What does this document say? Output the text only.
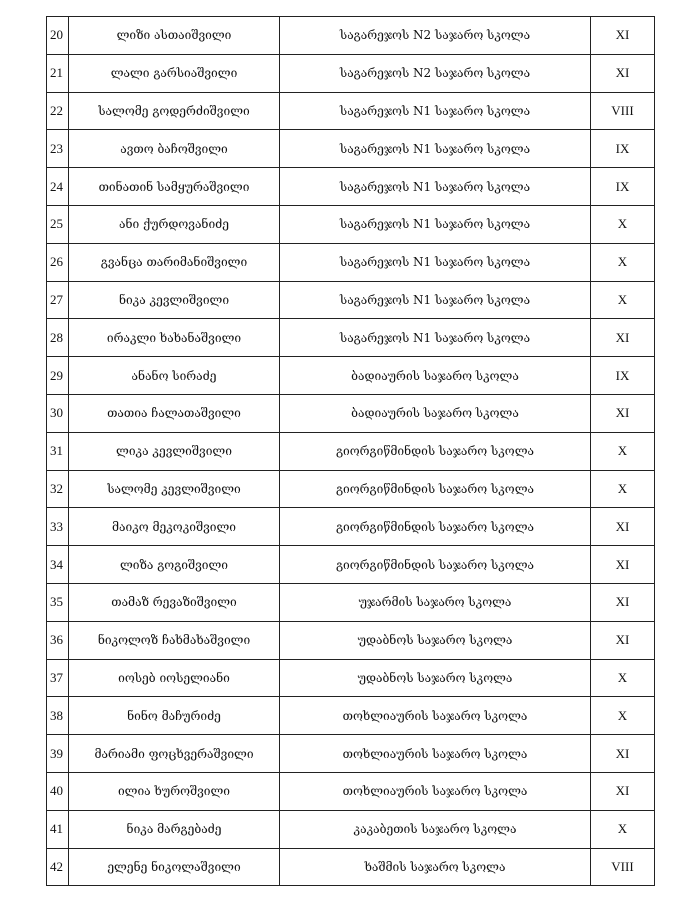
20	ლიზი ასთაიშვილი	საგარეჯოს N2 საჯარო სკოლა	XI
21	ლალი გარსიაშვილი	საგარეჯოს N2 საჯარო სკოლა	XI
22	სალომე გოდერძიშვილი	საგარეჯოს N1 საჯარო სკოლა	VIII
23	ავთო ბაჩოშვილი	საგარეჯოს N1 საჯარო სკოლა	IX
24	თინათინ სამყურაშვილი	საგარეჯოს N1 საჯარო სკოლა	IX
25	ანი ქურდოვანიძე	საგარეჯოს N1 საჯარო სკოლა	X
26	გვანცა თარიმანიშვილი	საგარეჯოს N1 საჯარო სკოლა	X
27	ნიკა კევლიშვილი	საგარეჯოს N1 საჯარო სკოლა	X
28	ირაკლი ხახანაშვილი	საგარეჯოს N1 საჯარო სკოლა	XI
29	ანანო სირაძე	ბადიაურის საჯარო სკოლა	IX
30	თათია ჩალათაშვილი	ბადიაურის საჯარო სკოლა	XI
31	ლიკა კევლიშვილი	გიორგიწმინდის საჯარო სკოლა	X
32	სალომე კევლიშვილი	გიორგიწმინდის საჯარო სკოლა	X
33	მაიკო მეკოკიშვილი	გიორგიწმინდის საჯარო სკოლა	XI
34	ლიზა გოგიშვილი	გიორგიწმინდის საჯარო სკოლა	XI
35	თამაზ რევაზიშვილი	უჯარმის საჯარო სკოლა	XI
36	ნიკოლოზ ჩახმახაშვილი	უდაბნოს საჯარო სკოლა	XI
37	იოსებ იოსელიანი	უდაბნოს საჯარო სკოლა	X
38	ნინო მაჩურიძე	თოხლიაურის საჯარო სკოლა	X
39	მარიამი ფოცხვერაშვილი	თოხლიაურის საჯარო სკოლა	XI
40	ილია ხუროშვილი	თოხლიაურის საჯარო სკოლა	XI
41	ნიკა მარგებაძე	კაკაბეთის საჯარო სკოლა	X
42	ელენე ნიკოლაშვილი	ხაშმის საჯარო სკოლა	VIII
